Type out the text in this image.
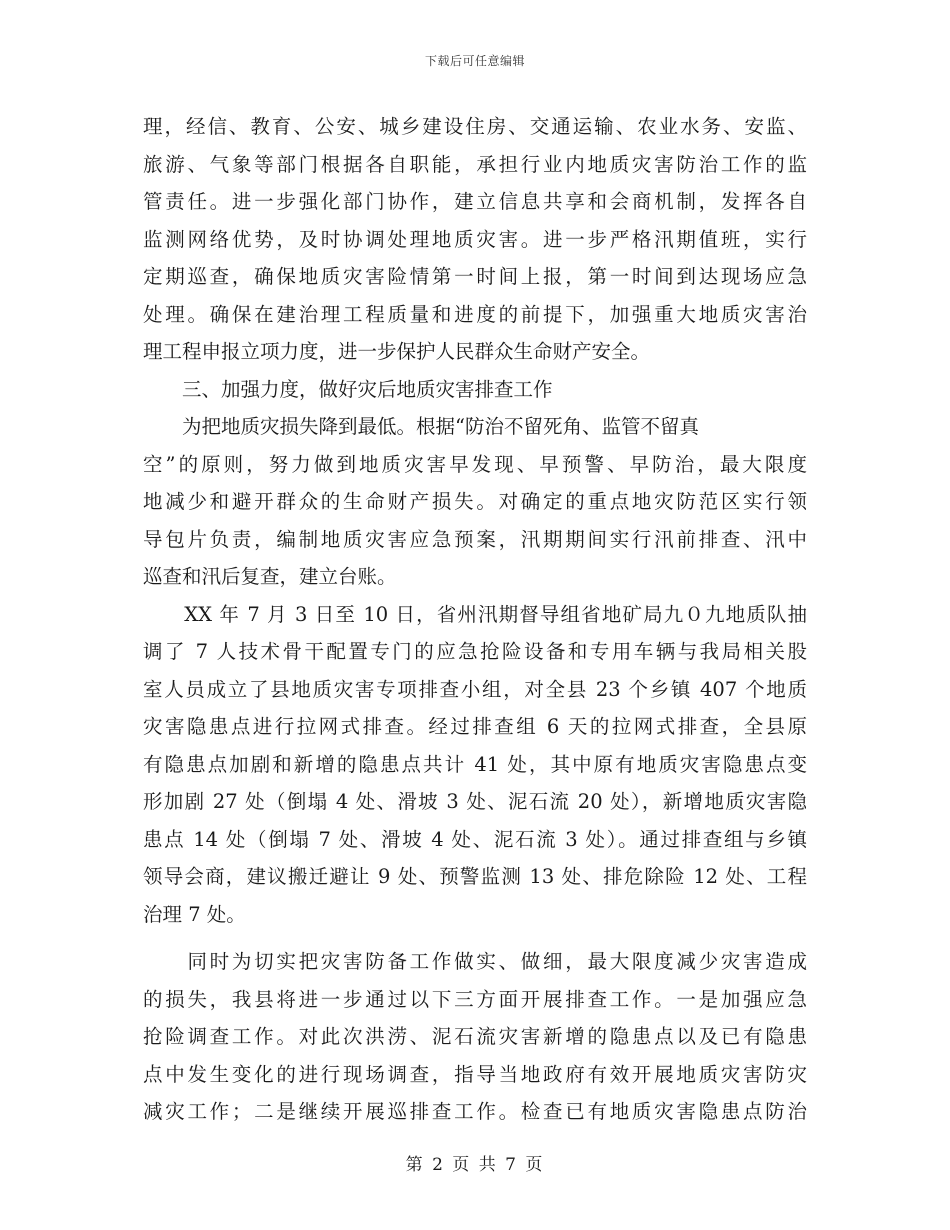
下载后可任意编辑
理，经信、教育、公安、城乡建设住房、交通运输、农业水务、安监、
旅游、气象等部门根据各自职能，承担行业内地质灾害防治工作的监
管责任。进一步强化部门协作，建立信息共享和会商机制，发挥各自
监测网络优势，及时协调处理地质灾害。进一步严格汛期值班，实行
定期巡查，确保地质灾害险情第一时间上报，第一时间到达现场应急
处理。确保在建治理工程质量和进度的前提下，加强重大地质灾害治
理工程申报立项力度，进一步保护人民群众生命财产安全。
　　三、加强力度，做好灾后地质灾害排查工作
　　为把地质灾损失降到最低。根据“防治不留死角、监管不留真
空”的原则，努力做到地质灾害早发现、早预警、早防治，最大限度
地减少和避开群众的生命财产损失。对确定的重点地灾防范区实行领
导包片负责，编制地质灾害应急预案，汛期期间实行汛前排查、汛中
巡查和汛后复查，建立台账。
　　XX 年 7 月 3 日至 10 日，省州汛期督导组省地矿局九０九地质队抽
调了 7 人技术骨干配置专门的应急抢险设备和专用车辆与我局相关股
室人员成立了县地质灾害专项排查小组，对全县 23 个乡镇 407 个地质
灾害隐患点进行拉网式排查。经过排查组 6 天的拉网式排查，全县原
有隐患点加剧和新增的隐患点共计 41 处，其中原有地质灾害隐患点变
形加剧 27 处（倒塌 4 处、滑坡 3 处、泥石流 20 处），新增地质灾害隐
患点 14 处（倒塌 7 处、滑坡 4 处、泥石流 3 处）。通过排查组与乡镇
领导会商，建议搬迁避让 9 处、预警监测 13 处、排危除险 12 处、工程
治理 7 处。
　　同时为切实把灾害防备工作做实、做细，最大限度减少灾害造成
的损失，我县将进一步通过以下三方面开展排查工作。一是加强应急
抢险调查工作。对此次洪涝、泥石流灾害新增的隐患点以及已有隐患
点中发生变化的进行现场调查，指导当地政府有效开展地质灾害防灾
减灾工作；二是继续开展巡排查工作。检查已有地质灾害隐患点防治
第 2 页 共 7 页
